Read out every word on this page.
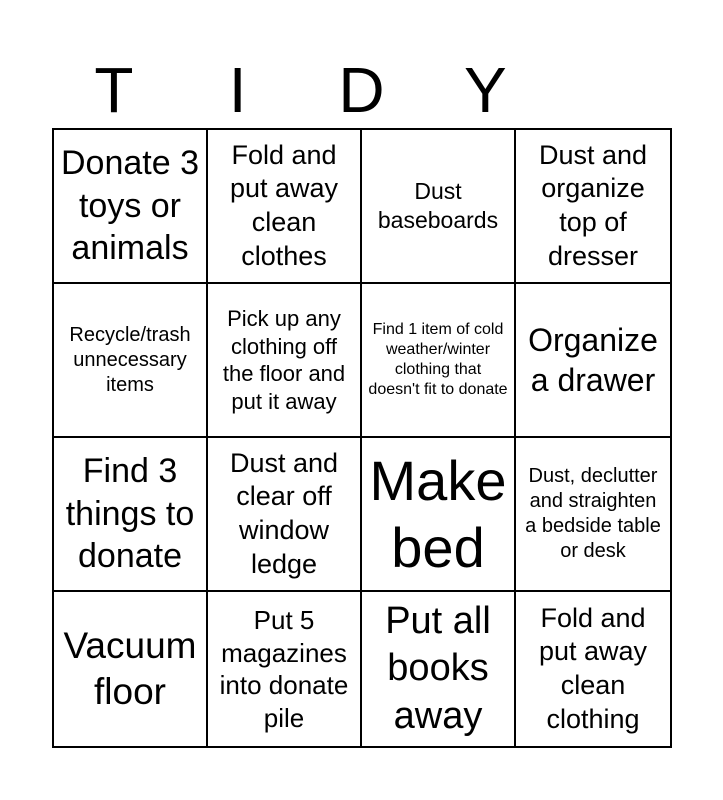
T	I	D	Y
Donate 3 toys or animals
Fold and put away clean clothes
Dust baseboards
Dust and organize top of dresser
Recycle/trash unnecessary items
Pick up any clothing off the floor and put it away
Find 1 item of cold weather/winter clothing that doesn't fit to donate
Organize a drawer
Find 3 things to donate
Dust and clear off window ledge
Make bed
Dust, declutter and straighten a bedside table or desk
Vacuum floor
Put 5 magazines into donate pile
Put all books away
Fold and put away clean clothing
